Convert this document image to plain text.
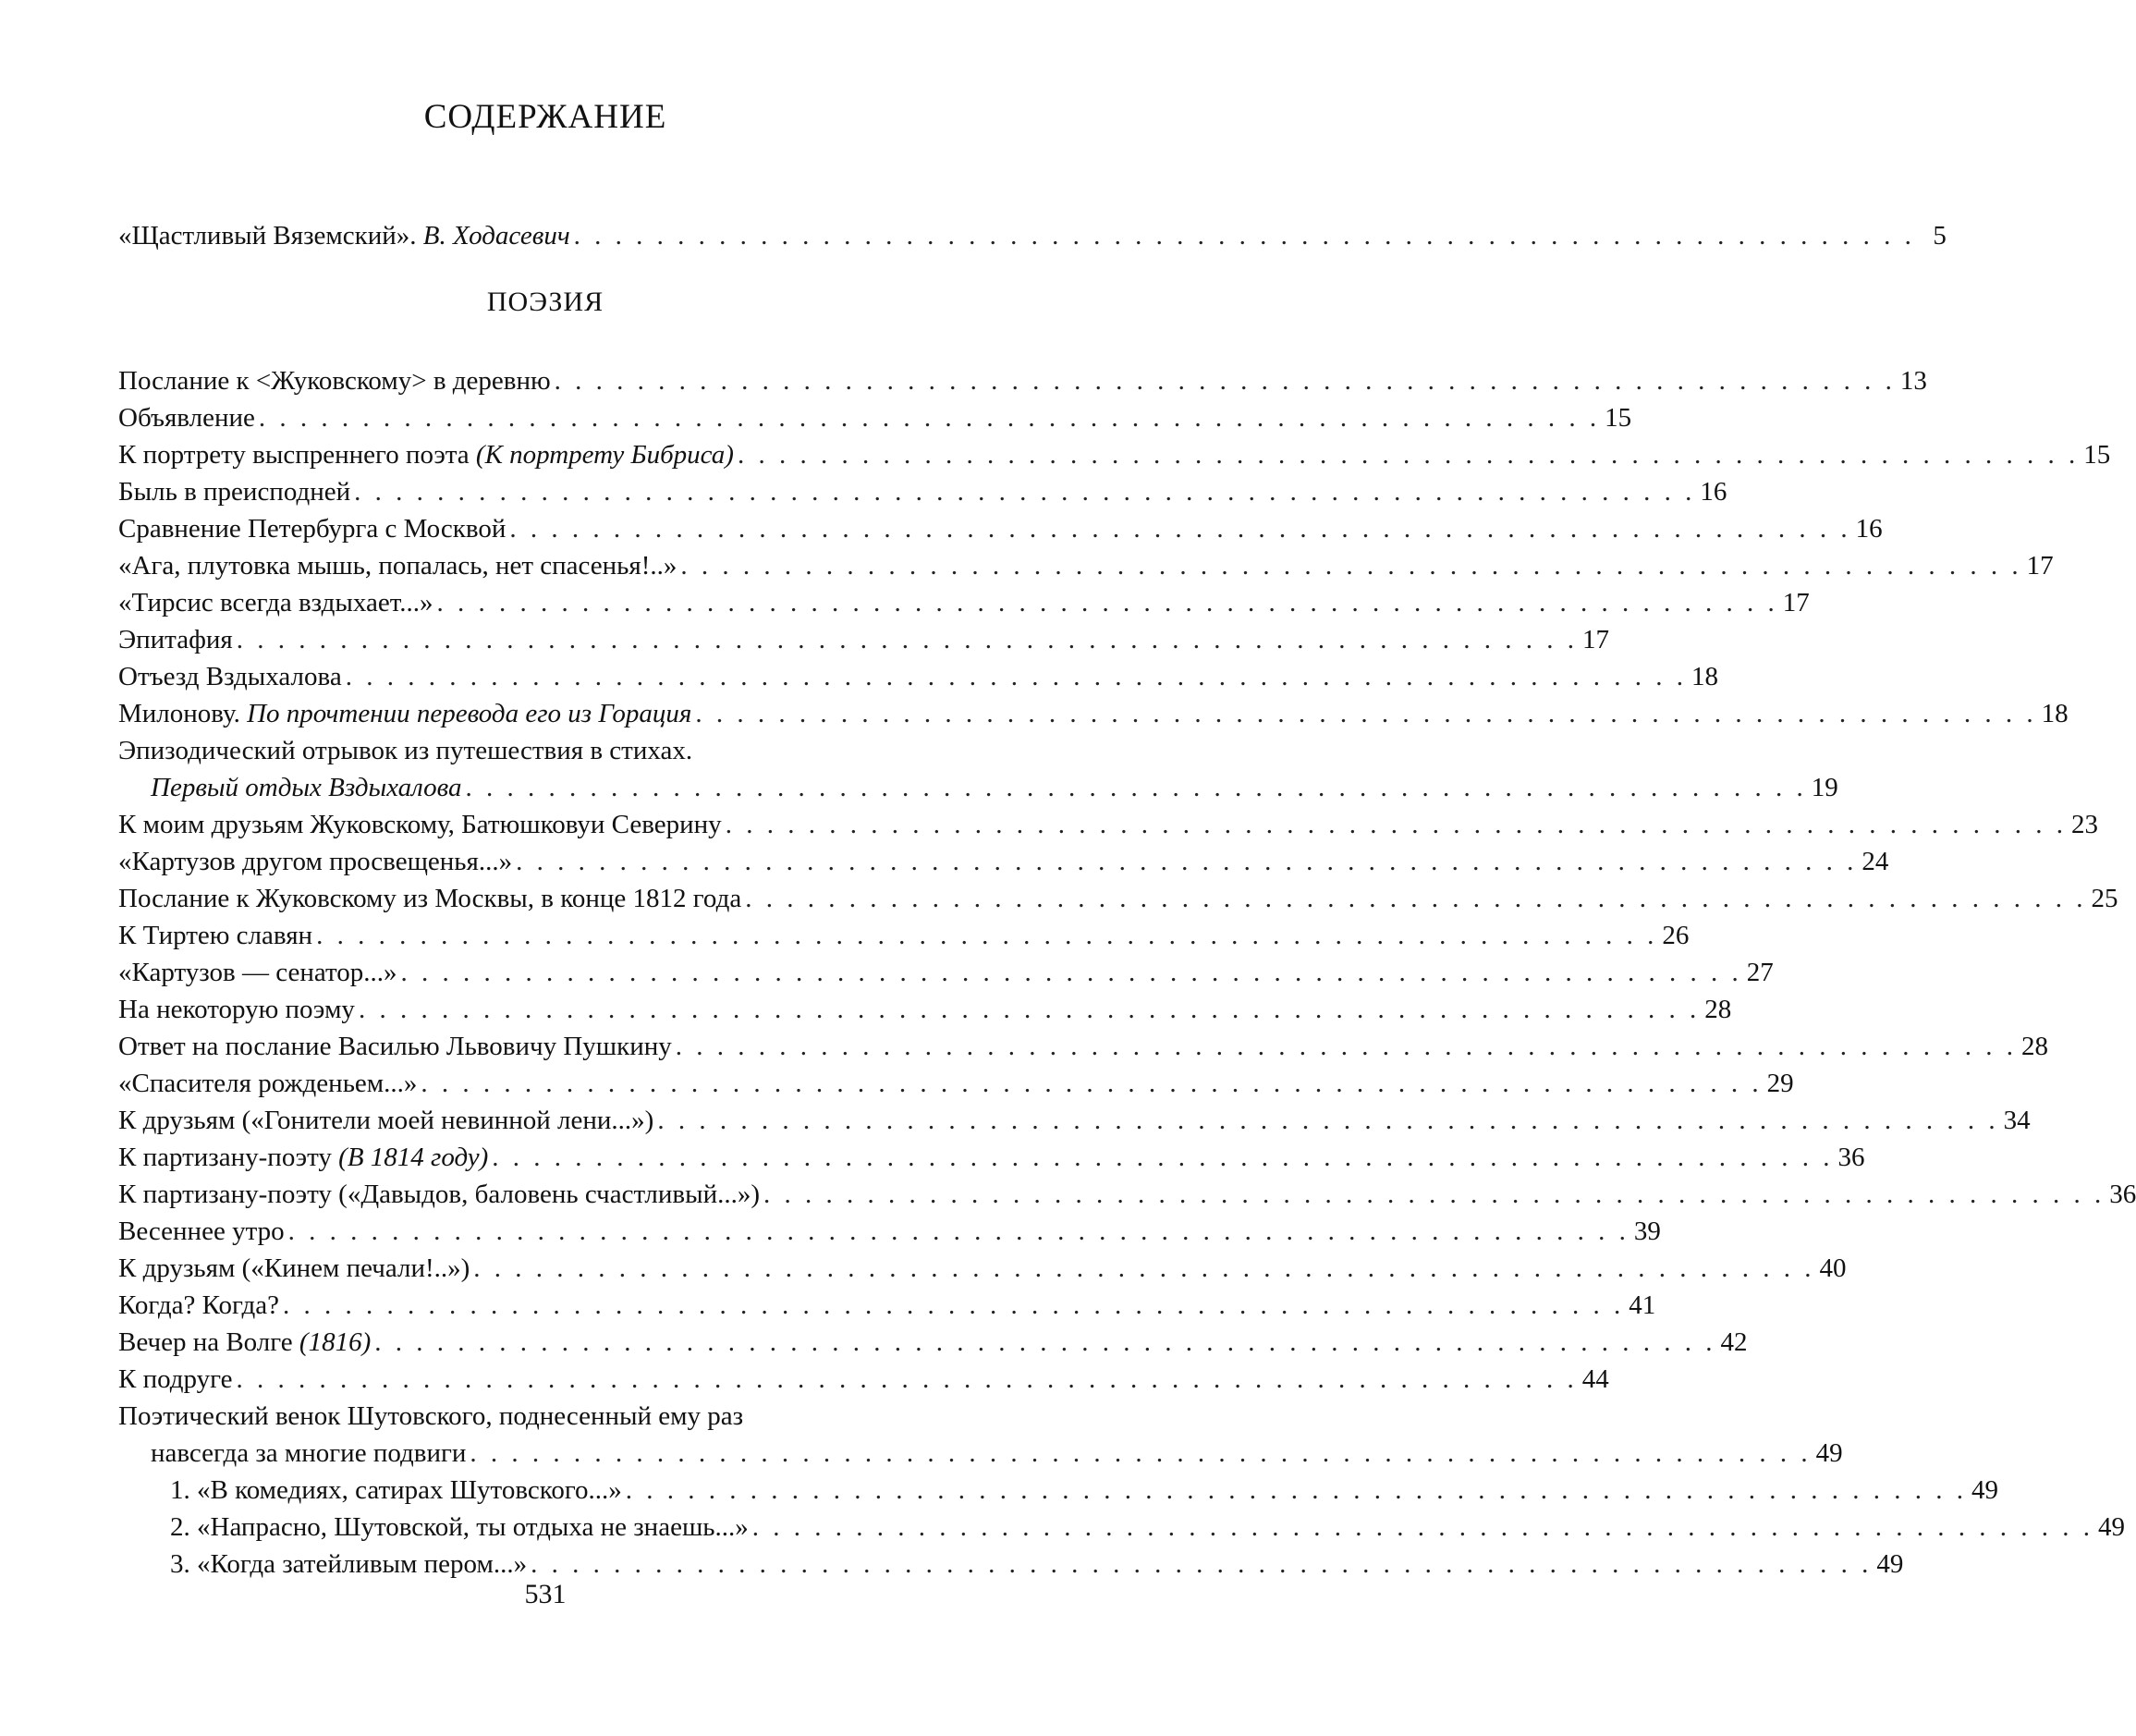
СОДЕРЖАНИЕ
«Щастливый Вяземский». В. Ходасевич . . . . . . . . . . . . . . . . . . . . . . . . . . . . . . . . . . . . . . . . . . . . . . . . . . . . . . . . . . . . . . . . . 5
ПОЭЗИЯ
Послание к <Жуковскому> в деревню . . . . . . . . . . . . . . . . . . . . . . . . . . . . . . . . . . . . . . . . . . . . . . . . . . . . . . . . . . . . . . . . . 13
Объявление . . . . . . . . . . . . . . . . . . . . . . . . . . . . . . . . . . . . . . . . . . . . . . . . . . . . . . . . . . . . . . . . . 15
К портрету выспреннего поэта (К портрету Бибриса) . . . . . . . . . . . . . . . . . . . . . . . . . . . . . . . . . . . . . . . . . . . . . . . . . . . . . . . . . . . . . . . . . 15
Быль в преисподней . . . . . . . . . . . . . . . . . . . . . . . . . . . . . . . . . . . . . . . . . . . . . . . . . . . . . . . . . . . . . . . . . 16
Сравнение Петербурга с Москвой . . . . . . . . . . . . . . . . . . . . . . . . . . . . . . . . . . . . . . . . . . . . . . . . . . . . . . . . . . . . . . . . . 16
«Ага, плутовка мышь, попалась, нет спасенья!..» . . . . . . . . . . . . . . . . . . . . . . . . . . . . . . . . . . . . . . . . . . . . . . . . . . . . . . . . . . . . . . . . . 17
«Тирсис всегда вздыхает...» . . . . . . . . . . . . . . . . . . . . . . . . . . . . . . . . . . . . . . . . . . . . . . . . . . . . . . . . . . . . . . . . . 17
Эпитафия . . . . . . . . . . . . . . . . . . . . . . . . . . . . . . . . . . . . . . . . . . . . . . . . . . . . . . . . . . . . . . . . . 17
Отъезд Вздыхалова . . . . . . . . . . . . . . . . . . . . . . . . . . . . . . . . . . . . . . . . . . . . . . . . . . . . . . . . . . . . . . . . . 18
Милонову. По прочтении перевода его из Горация . . . . . . . . . . . . . . . . . . . . . . . . . . . . . . . . . . . . . . . . . . . . . . . . . . . . . . . . . . . . . . . . . 18
Эпизодический отрывок из путешествия в стихах.
Первый отдых Вздыхалова . . . . . . . . . . . . . . . . . . . . . . . . . . . . . . . . . . . . . . . . . . . . . . . . . . . . . . . . . . . . . . . . . 19
К моим друзьям Жуковскому, Батюшковуи Северину . . . . . . . . . . . . . . . . . . . . . . . . . . . . . . . . . . . . . . . . . . . . . . . . . . . . . . . . . . . . . . . . . 23
«Картузов другом просвещенья...» . . . . . . . . . . . . . . . . . . . . . . . . . . . . . . . . . . . . . . . . . . . . . . . . . . . . . . . . . . . . . . . . . 24
Послание к Жуковскому из Москвы, в конце 1812 года . . . . . . . . . . . . . . . . . . . . . . . . . . . . . . . . . . . . . . . . . . . . . . . . . . . . . . . . . . . . . . . . . 25
К Тиртею славян . . . . . . . . . . . . . . . . . . . . . . . . . . . . . . . . . . . . . . . . . . . . . . . . . . . . . . . . . . . . . . . . . 26
«Картузов — сенатор...» . . . . . . . . . . . . . . . . . . . . . . . . . . . . . . . . . . . . . . . . . . . . . . . . . . . . . . . . . . . . . . . . . 27
На некоторую поэму . . . . . . . . . . . . . . . . . . . . . . . . . . . . . . . . . . . . . . . . . . . . . . . . . . . . . . . . . . . . . . . . . 28
Ответ на послание Василью Львовичу Пушкину . . . . . . . . . . . . . . . . . . . . . . . . . . . . . . . . . . . . . . . . . . . . . . . . . . . . . . . . . . . . . . . . . 28
«Спасителя рожденьем...» . . . . . . . . . . . . . . . . . . . . . . . . . . . . . . . . . . . . . . . . . . . . . . . . . . . . . . . . . . . . . . . . . 29
К друзьям («Гонители моей невинной лени...») . . . . . . . . . . . . . . . . . . . . . . . . . . . . . . . . . . . . . . . . . . . . . . . . . . . . . . . . . . . . . . . . . 34
К партизану-поэту (В 1814 году) . . . . . . . . . . . . . . . . . . . . . . . . . . . . . . . . . . . . . . . . . . . . . . . . . . . . . . . . . . . . . . . . . 36
К партизану-поэту («Давыдов, баловень счастливый...») . . . . . . . . . . . . . . . . . . . . . . . . . . . . . . . . . . . . . . . . . . . . . . . . . . . . . . . . . . . . . . . . . 36
Весеннее утро . . . . . . . . . . . . . . . . . . . . . . . . . . . . . . . . . . . . . . . . . . . . . . . . . . . . . . . . . . . . . . . . . 39
К друзьям («Кинем печали!..») . . . . . . . . . . . . . . . . . . . . . . . . . . . . . . . . . . . . . . . . . . . . . . . . . . . . . . . . . . . . . . . . . 40
Когда? Когда? . . . . . . . . . . . . . . . . . . . . . . . . . . . . . . . . . . . . . . . . . . . . . . . . . . . . . . . . . . . . . . . . . 41
Вечер на Волге (1816) . . . . . . . . . . . . . . . . . . . . . . . . . . . . . . . . . . . . . . . . . . . . . . . . . . . . . . . . . . . . . . . . . 42
К подруге . . . . . . . . . . . . . . . . . . . . . . . . . . . . . . . . . . . . . . . . . . . . . . . . . . . . . . . . . . . . . . . . . 44
Поэтический венок Шутовского, поднесенный ему раз
навсегда за многие подвиги . . . . . . . . . . . . . . . . . . . . . . . . . . . . . . . . . . . . . . . . . . . . . . . . . . . . . . . . . . . . . . . . . 49
1. «В комедиях, сатирах Шутовского...» . . . . . . . . . . . . . . . . . . . . . . . . . . . . . . . . . . . . . . . . . . . . . . . . . . . . . . . . . . . . . . . . . 49
2. «Напрасно, Шутовской, ты отдыха не знаешь...» . . . . . . . . . . . . . . . . . . . . . . . . . . . . . . . . . . . . . . . . . . . . . . . . . . . . . . . . . . . . . . . . . 49
3. «Когда затейливым пером...» . . . . . . . . . . . . . . . . . . . . . . . . . . . . . . . . . . . . . . . . . . . . . . . . . . . . . . . . . . . . . . . . . 49
531
